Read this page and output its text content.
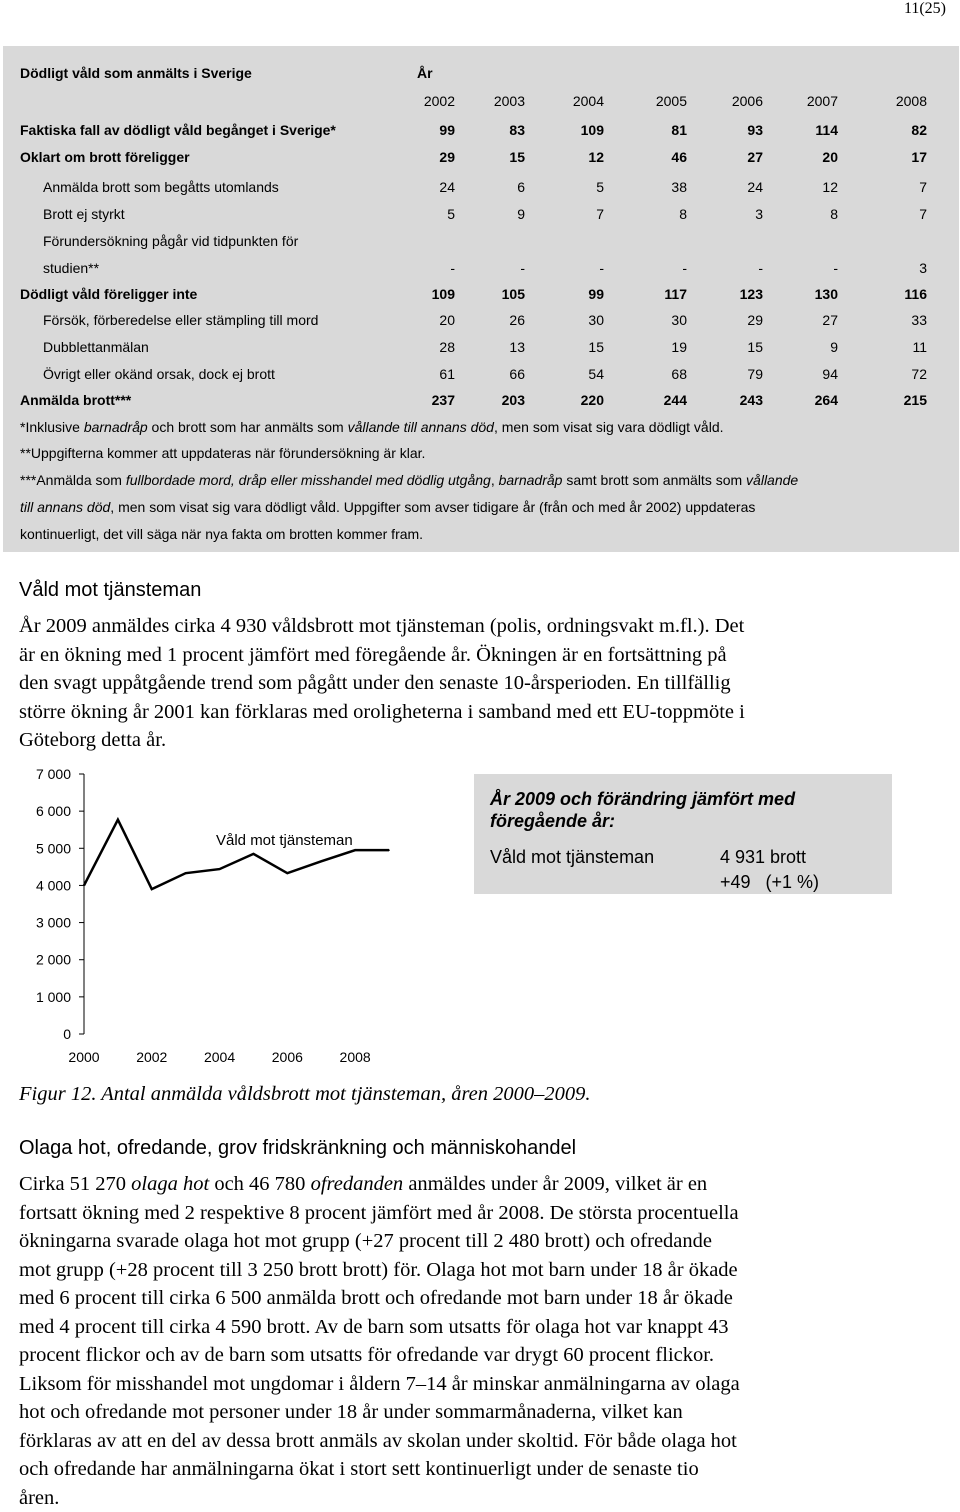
11(25)
Dödligt våld som anmälts i Sverige	År
2002	2003	2004	2005	2006	2007	2008
Faktiska fall av dödligt våld begånget i Sverige*	99	83	109	81	93	114	82
Oklart om brott föreligger	29	15	12	46	27	20	17
Anmälda brott som begåtts utomlands	24	6	5	38	24	12	7
Brott ej styrkt	5	9	7	8	3	8	7
Förundersökning pågår vid tidpunkten för
studien**	-	-	-	-	-	-	3
Dödligt våld föreligger inte	109	105	99	117	123	130	116
Försök, förberedelse eller stämpling till mord	20	26	30	30	29	27	33
Dubblettanmälan	28	13	15	19	15	9	11
Övrigt eller okänd orsak, dock ej brott	61	66	54	68	79	94	72
Anmälda brott***	237	203	220	244	243	264	215
*Inklusive barnadråp och brott som har anmälts som vållande till annans död, men som visat sig vara dödligt våld.
**Uppgifterna kommer att uppdateras när förundersökning är klar.
***Anmälda som fullbordade mord, dråp eller misshandel med dödlig utgång, barnadråp samt brott som anmälts som vållande
till annans död, men som visat sig vara dödligt våld. Uppgifter som avser tidigare år (från och med år 2002) uppdateras
kontinuerligt, det vill säga när nya fakta om brotten kommer fram.
Våld mot tjänsteman
År 2009 anmäldes cirka 4 930 våldsbrott mot tjänsteman (polis, ordningsvakt m.fl.). Det
är en ökning med 1 procent jämfört med föregående år. Ökningen är en fortsättning på
den svagt uppåtgående trend som pågått under den senaste 10-årsperioden. En tillfällig
större ökning år 2001 kan förklaras med oroligheterna i samband med ett EU-toppmöte i
Göteborg detta år.
0
1 000
2 000
3 000
4 000
5 000
6 000
7 000
2000	2002	2004	2006	2008
Våld mot tjänsteman
År 2009 och förändring jämfört med
föregående år:
Våld mot tjänsteman	4 931 brott
+49   (+1 %)
Figur 12. Antal anmälda våldsbrott mot tjänsteman, åren 2000–2009.
Olaga hot, ofredande, grov fridskränkning och människohandel
Cirka 51 270 olaga hot och 46 780 ofredanden anmäldes under år 2009, vilket är en
fortsatt ökning med 2 respektive 8 procent jämfört med år 2008. De största procentuella
ökningarna svarade olaga hot mot grupp (+27 procent till 2 480 brott) och ofredande
mot grupp (+28 procent till 3 250 brott brott) för. Olaga hot mot barn under 18 år ökade
med 6 procent till cirka 6 500 anmälda brott och ofredande mot barn under 18 år ökade
med 4 procent till cirka 4 590 brott. Av de barn som utsatts för olaga hot var knappt 43
procent flickor och av de barn som utsatts för ofredande var drygt 60 procent flickor.
Liksom för misshandel mot ungdomar i åldern 7–14 år minskar anmälningarna av olaga
hot och ofredande mot personer under 18 år under sommarmånaderna, vilket kan
förklaras av att en del av dessa brott anmäls av skolan under skoltid. För både olaga hot
och ofredande har anmälningarna ökat i stort sett kontinuerligt under de senaste tio
åren.
